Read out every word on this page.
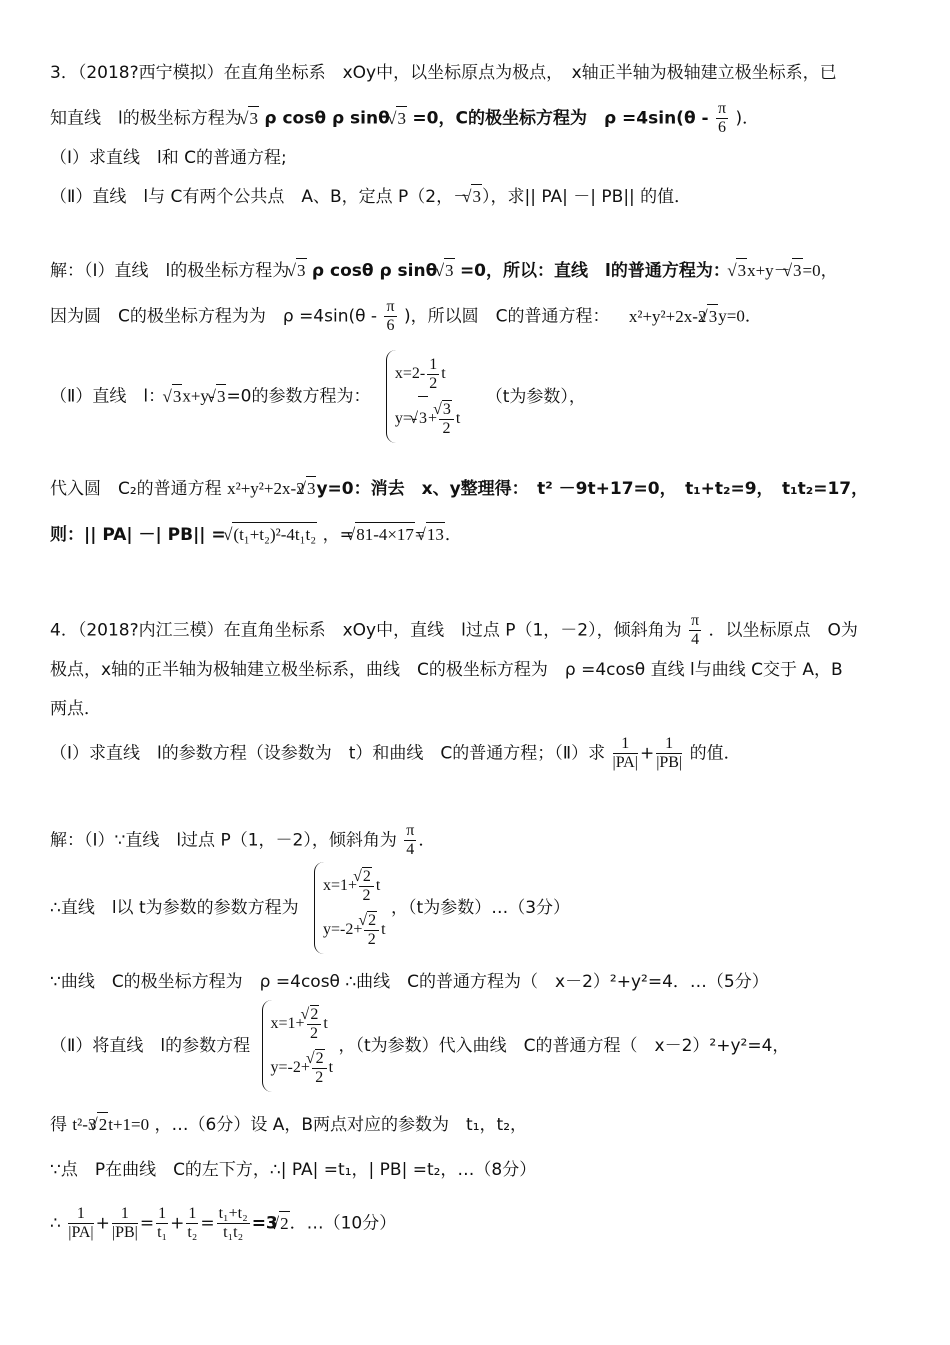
3．（2018?西宁模拟）在直角坐标系　xOy中，以坐标原点为极点，　x轴正半轴为极轴建立极坐标系，已
知直线　l的极坐标方程为 √ 3 ρ cosθ ρ sinθ √ 3 =0，C的极坐标方程为　$\rho =4\sin(\theta - \frac{\pi}{6}$ )．
（Ⅰ）求直线　l和 C的普通方程;
（Ⅱ）直线　l与 C有两个公共点　A、B，定点 P（2，－√ 3），求|| PA| －| PB|| 的值．
解：（Ⅰ）直线　l的极坐标方程为 √ 3 ρ cosθ ρ sinθ √ 3 =0，所以：直线　l的普通方程为： √ 3x+y－√ 3=0，
因为圆　C的极坐标方程为为　$\rho =4\sin(\theta - \frac{\pi}{6}$ )，所以圆　C的普通方程： x²+y²+2x-2√ 3y=0．
（Ⅱ）直线　l： √ 3x+y-√ 3=0的参数方程为：
$x=2- \frac{1}{2}$ t
y=-√ 3+
√ $\frac{3}{2}$ t
（t为参数），
代入圆　C₂的普通方程 x²+y²+2x-2√ 3y=0：消去　x、y整理得：　t² －9t+17=0，　t₁+t₂=9，　t₁t₂=17，
则：|| PA| －| PB|| = √ (t₁+t₂)²-4t₁t₂ ，=√ 81-4×17=√ 13．
4．（2018?内江三模）在直角坐标系　xOy中，直线　l过点 P（1，－2），倾斜角为 $\frac{\pi}{4}$ ．以坐标原点　O为
极点，x轴的正半轴为极轴建立极坐标系，曲线　C的极坐标方程为　ρ =4cosθ 直线 l与曲线 C交于 A，B
两点．
（Ⅰ）求直线　l的参数方程（设参数为　t）和曲线　C的普通方程；（Ⅱ）求 $\frac{1}{|PA|} + \frac{1}{|PB|}$ 的值．
解：（Ⅰ）∵直线　l过点 P（1，－2），倾斜角为 $\frac{\pi}{4}$ ．
∴直线　l以 t为参数的参数方程为
x=1+
√ $\frac{2}{2}$ t
y=-2+
√ $\frac{2}{2}$ t
，（t为参数）…（3分）
∵曲线　C的极坐标方程为　ρ =4cosθ ∴曲线　C的普通方程为（　x－2）²+y²=4．…（5分）
（Ⅱ）将直线　l的参数方程
x=1+
√ $\frac{2}{2}$ t
y=-2+
√ $\frac{2}{2}$ t
，（t为参数）代入曲线　C的普通方程（　x－2）²+y²=4，
得 t²-3√ 2t+1=0 ，…（6分）设 A，B两点对应的参数为　t₁，t₂，
∵点　P在曲线　C的左下方，∴| PA| =t₁，| PB| =t₂，…（8分）
∴ $\frac{1}{|PA|} + \frac{1}{|PB|} = \frac{1}{\text{t₁}} + \frac{1}{\text{t₂}} = \frac{\text{t₁+t₂}}{\text{t₁t₂}} =3√$ 2．…（10分）
